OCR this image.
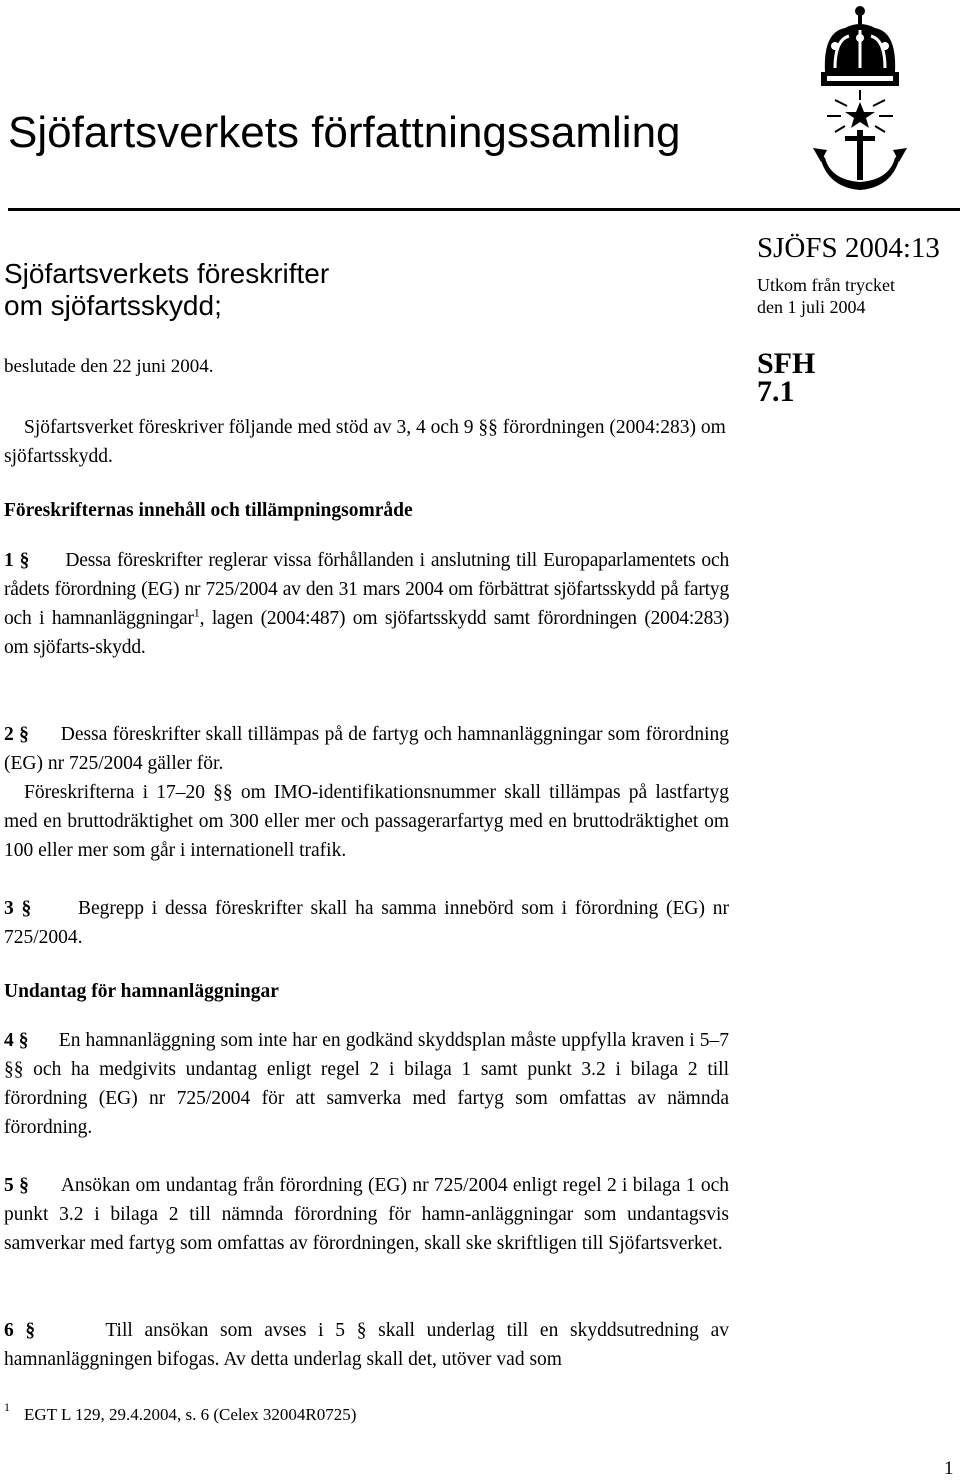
Sjöfartsverkets författningssamling
Sjöfartsverkets föreskrifter
om sjöfartsskydd;
SJÖFS 2004:13
Utkom från trycket
den 1 juli 2004
SFH
7.1
beslutade den 22 juni 2004.
Sjöfartsverket föreskriver följande med stöd av 3, 4 och 9 §§ förordningen (2004:283) om sjöfartsskydd.
Föreskrifternas innehåll och tillämpningsområde
1 § Dessa föreskrifter reglerar vissa förhållanden i anslutning till Europaparlamentets och rådets förordning (EG) nr 725/2004 av den 31 mars 2004 om förbättrat sjöfartsskydd på fartyg och i hamnanläggningar$^1$, lagen (2004:487) om sjöfartsskydd samt förordningen (2004:283) om sjöfarts-skydd.
2 § Dessa föreskrifter skall tillämpas på de fartyg och hamnanläggningar som förordning (EG) nr 725/2004 gäller för.
Föreskrifterna i 17–20 §§ om IMO-identifikationsnummer skall tillämpas på lastfartyg med en bruttodräktighet om 300 eller mer och passagerarfartyg med en bruttodräktighet om 100 eller mer som går i internationell trafik.
3 § Begrepp i dessa föreskrifter skall ha samma innebörd som i förordning (EG) nr 725/2004.
Undantag för hamnanläggningar
4 § En hamnanläggning som inte har en godkänd skyddsplan måste uppfylla kraven i 5–7 §§ och ha medgivits undantag enligt regel 2 i bilaga 1 samt punkt 3.2 i bilaga 2 till förordning (EG) nr 725/2004 för att samverka med fartyg som omfattas av nämnda förordning.
5 § Ansökan om undantag från förordning (EG) nr 725/2004 enligt regel 2 i bilaga 1 och punkt 3.2 i bilaga 2 till nämnda förordning för hamn-anläggningar som undantagsvis samverkar med fartyg som omfattas av förordningen, skall ske skriftligen till Sjöfartsverket.
6 §	Till ansökan som avses i 5 § skall underlag till en skyddsutredning av hamnanläggningen bifogas. Av detta underlag skall det, utöver vad som
1 EGT L 129, 29.4.2004, s. 6 (Celex 32004R0725)
1
